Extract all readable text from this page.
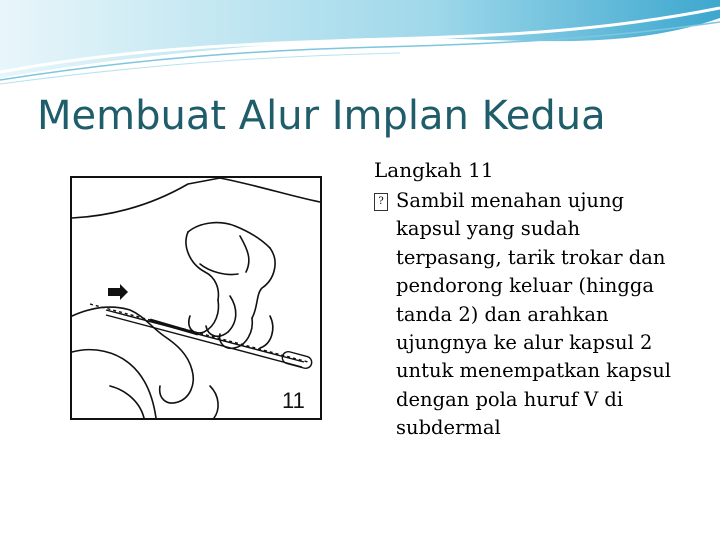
Membuat Alur Implan Kedua
11
Langkah 11
? Sambil menahan ujung kapsul yang sudah terpasang, tarik trokar dan pendorong keluar (hingga tanda 2) dan arahkan ujungnya ke alur kapsul 2 untuk menempatkan kapsul dengan pola huruf V di subdermal
